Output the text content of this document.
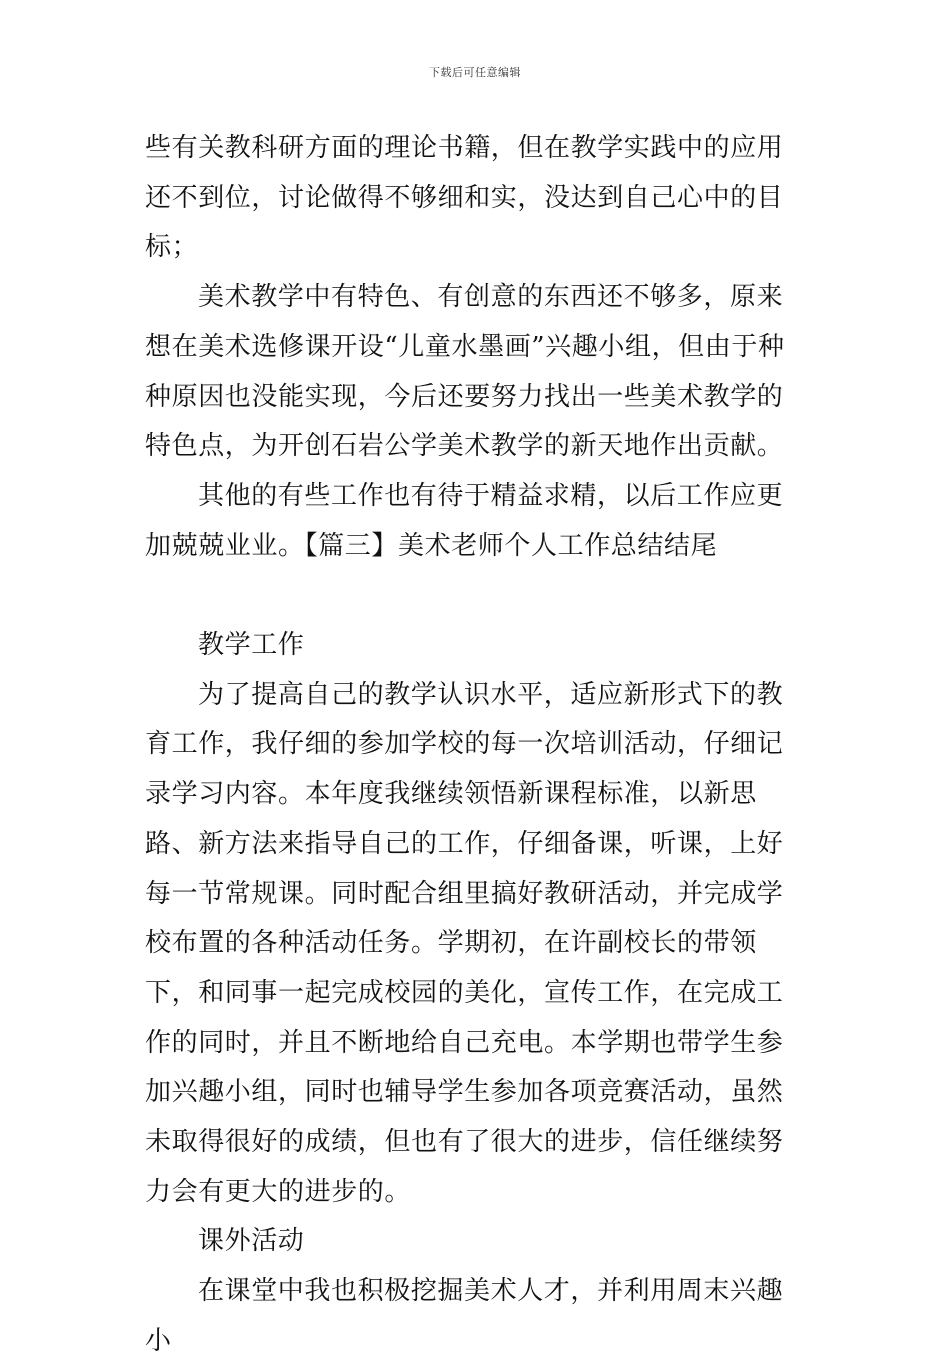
下载后可任意编辑

些有关教科研方面的理论书籍，但在教学实践中的应用还不到位，讨论做得不够细和实，没达到自己心中的目标；

美术教学中有特色、有创意的东西还不够多，原来想在美术选修课开设“儿童水墨画”兴趣小组，但由于种种原因也没能实现，今后还要努力找出一些美术教学的特色点，为开创石岩公学美术教学的新天地作出贡献。

其他的有些工作也有待于精益求精，以后工作应更加兢兢业业。【篇三】美术老师个人工作总结结尾

教学工作

为了提高自己的教学认识水平，适应新形式下的教育工作，我仔细的参加学校的每一次培训活动，仔细记录学习内容。本年度我继续领悟新课程标准，以新思路、新方法来指导自己的工作，仔细备课，听课，上好每一节常规课。同时配合组里搞好教研活动，并完成学校布置的各种活动任务。学期初，在许副校长的带领下，和同事一起完成校园的美化，宣传工作，在完成工作的同时，并且不断地给自己充电。本学期也带学生参加兴趣小组，同时也辅导学生参加各项竞赛活动，虽然未取得很好的成绩，但也有了很大的进步，信任继续努力会有更大的进步的。

课外活动

在课堂中我也积极挖掘美术人才，并利用周末兴趣小
